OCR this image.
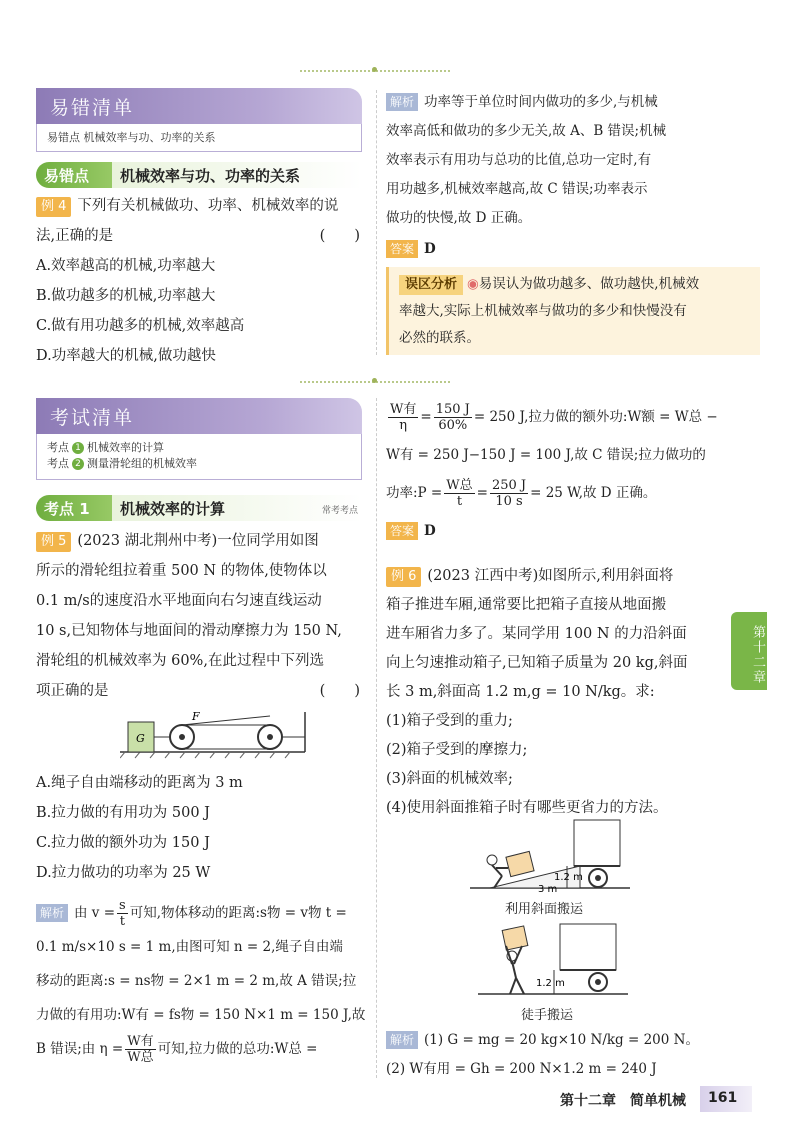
易错清单
易错点 机械效率与功、功率的关系
易错点	机械效率与功、功率的关系

例 4 下列有关机械做功、功率、机械效率的说

法,正确的是	(　　)

A.效率越高的机械,功率越大

B.做功越多的机械,功率越大

C.做有用功越多的机械,效率越高

D.功率越大的机械,做功越快

解析 功率等于单位时间内做功的多少,与机械

效率高低和做功的多少无关,故 A、B 错误;机械

效率表示有用功与总功的比值,总功一定时,有

用功越多,机械效率越高,故 C 错误;功率表示

做功的快慢,故 D 正确。

答案 D

误区分析 ◉易误认为做功越多、做功越快,机械效

率越大,实际上机械效率与做功的多少和快慢没有

必然的联系。

考试清单
考点 1 机械效率的计算
考点 2 测量滑轮组的机械效率
考点 1	机械效率的计算	常考考点

例 5 (2023 湖北荆州中考)一位同学用如图

所示的滑轮组拉着重 500 N 的物体,使物体以

0.1 m/s的速度沿水平地面向右匀速直线运动

10 s,已知物体与地面间的滑动摩擦力为 150 N,

滑轮组的机械效率为 60%,在此过程中下列选

项正确的是	(　　)

G
F

A.绳子自由端移动的距离为 3 m

B.拉力做的有用功为 500 J

C.拉力做的额外功为 150 J

D.拉力做功的功率为 25 W

解析 由 $v = \frac{s}{t}$ 可知,物体移动的距离:s物 = v物 t =

0.1 m/s×10 s = 1 m,由图可知 n = 2,绳子自由端

移动的距离:s = ns物 = 2×1 m = 2 m,故 A 错误;拉

力做的有用功:W有 = fs物 = 150 N×1 m = 150 J,故

B 错误;由 $\eta = \frac{\text{W有}}{\text{W总}}$ 可知,拉力做的总功:W总 =

$\frac{\text{W有}}{\eta} = \frac{150 J}{60\%} = 250$ J,拉力做的额外功:W额 = W总 −

W有 = 250 J−150 J = 100 J,故 C 错误;拉力做功的

功率:P = $\frac{\text{W总}}{t} = \frac{250 J}{10 s} = 25$ W,故 D 正确。

答案 D

例 6 (2023 江西中考)如图所示,利用斜面将

箱子推进车厢,通常要比把箱子直接从地面搬

进车厢省力多了。某同学用 100 N 的力沿斜面

向上匀速推动箱子,已知箱子质量为 20 kg,斜面

长 3 m,斜面高 1.2 m,g = 10 N/kg。求:

(1)箱子受到的重力;

(2)箱子受到的摩擦力;

(3)斜面的机械效率;

(4)使用斜面推箱子时有哪些更省力的方法。

1.2 m
3 m
利用斜面搬运
1.2 m
徒手搬运

解析 (1) G = mg = 20 kg×10 N/kg = 200 N。

(2) W有用 = Gh = 200 N×1.2 m = 240 J

第十二章
第十二章　简单机械	161
